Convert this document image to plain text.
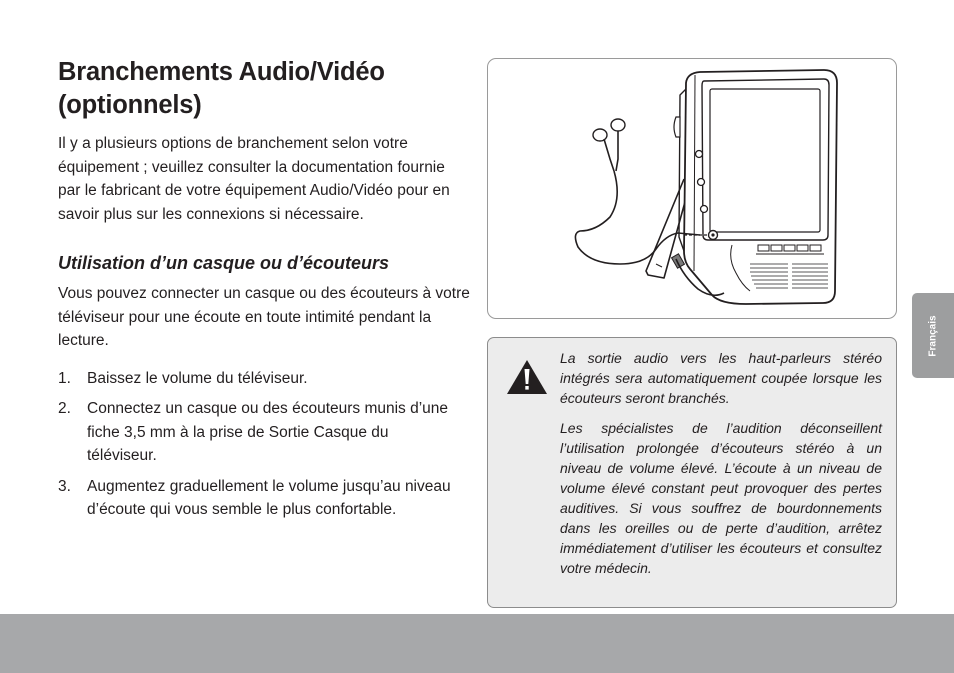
Branchements Audio/Vidéo (optionnels)

Il y a plusieurs options de branchement selon votre équipement ; veuillez consulter la documentation fournie par le fabricant de votre équipement Audio/Vidéo pour en savoir plus sur les connexions si nécessaire.

Utilisation d’un casque ou d’écouteurs

Vous pouvez connecter un casque ou des écouteurs à votre téléviseur pour une écoute en toute intimité pendant la lecture.

1.	Baissez le volume du téléviseur.
2.	Connectez un casque ou des écouteurs munis d’une fiche 3,5 mm à la prise de Sortie Casque du téléviseur.
3.	Augmentez graduellement le volume jusqu’au niveau d’écoute qui vous semble le plus confortable.

La sortie audio vers les haut-parleurs stéréo intégrés sera automatiquement coupée lorsque les écouteurs seront branchés.

Les spécialistes de l’audition déconseillent l’utilisation prolongée d’écouteurs stéréo à un niveau de volume élevé. L’écoute à un niveau de volume élevé constant peut provoquer des pertes auditives. Si vous souffrez de bourdonnements dans les oreilles ou de perte d’audition, arrêtez immédiatement d’utiliser les écouteurs et consultez votre médecin.

Français
